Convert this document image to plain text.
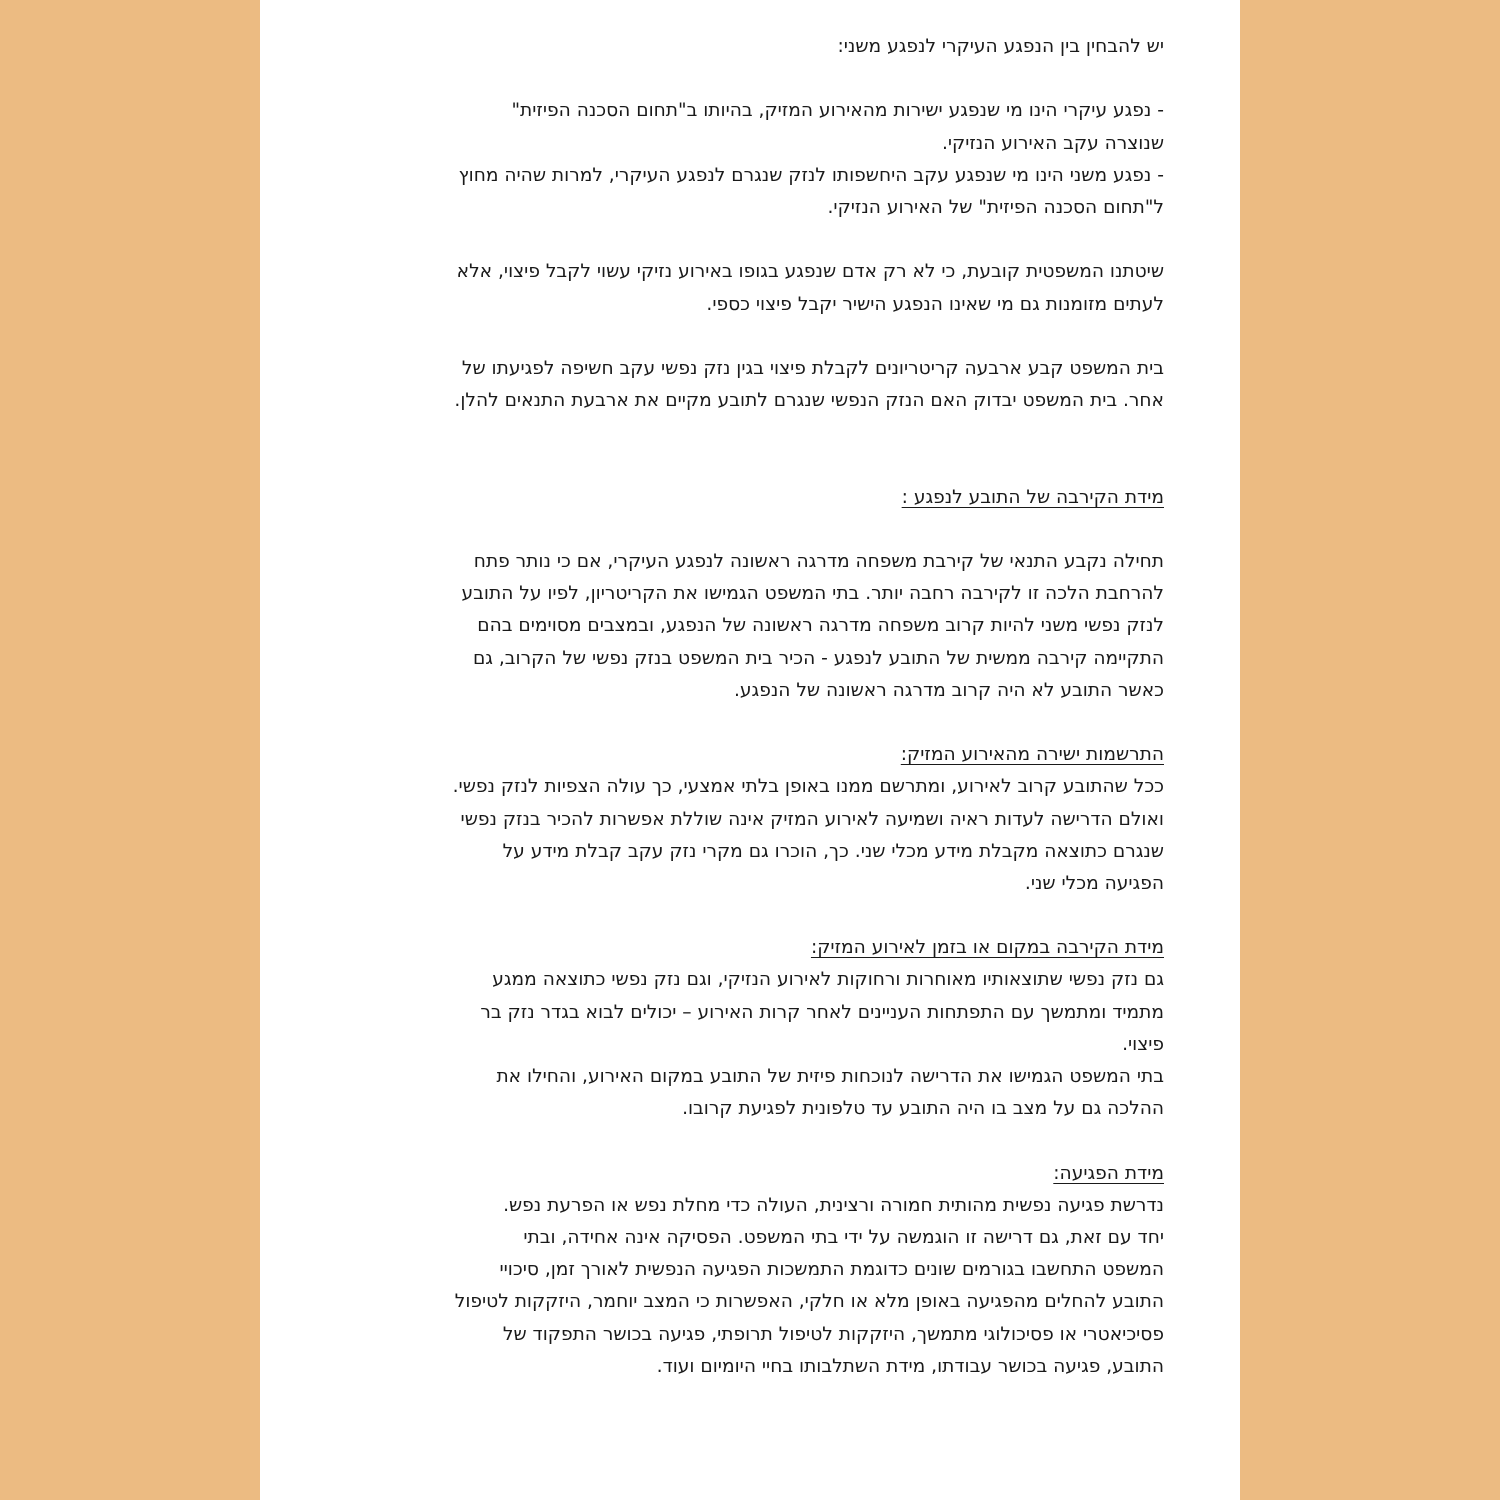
יש להבחין בין הנפגע העיקרי לנפגע משני:
- נפגע עיקרי הינו מי שנפגע ישירות מהאירוע המזיק, בהיותו ב"תחום הסכנה הפיזית"
שנוצרה עקב האירוע הנזיקי.
- נפגע משני הינו מי שנפגע עקב היחשפותו לנזק שנגרם לנפגע העיקרי, למרות שהיה מחוץ
ל"תחום הסכנה הפיזית" של האירוע הנזיקי.
שיטתנו המשפטית קובעת, כי לא רק אדם שנפגע בגופו באירוע נזיקי עשוי לקבל פיצוי, אלא
לעתים מזומנות גם מי שאינו הנפגע הישיר יקבל פיצוי כספי.
בית המשפט קבע ארבעה קריטריונים לקבלת פיצוי בגין נזק נפשי עקב חשיפה לפגיעתו של
אחר. בית המשפט יבדוק האם הנזק הנפשי שנגרם לתובע מקיים את ארבעת התנאים להלן.
מידת הקירבה של התובע לנפגע :
תחילה נקבע התנאי של קירבת משפחה מדרגה ראשונה לנפגע העיקרי, אם כי נותר פתח
להרחבת הלכה זו לקירבה רחבה יותר. בתי המשפט הגמישו את הקריטריון, לפיו על התובע
לנזק נפשי משני להיות קרוב משפחה מדרגה ראשונה של הנפגע, ובמצבים מסוימים בהם
התקיימה קירבה ממשית של התובע לנפגע - הכיר בית המשפט בנזק נפשי של הקרוב, גם
כאשר התובע לא היה קרוב מדרגה ראשונה של הנפגע.
התרשמות ישירה מהאירוע המזיק:
ככל שהתובע קרוב לאירוע, ומתרשם ממנו באופן בלתי אמצעי, כך עולה הצפיות לנזק נפשי.
ואולם הדרישה לעדות ראיה ושמיעה לאירוע המזיק אינה שוללת אפשרות להכיר בנזק נפשי
שנגרם כתוצאה מקבלת מידע מכלי שני. כך, הוכרו גם מקרי נזק עקב קבלת מידע על
הפגיעה מכלי שני.
מידת הקירבה במקום או בזמן לאירוע המזיק:
גם נזק נפשי שתוצאותיו מאוחרות ורחוקות לאירוע הנזיקי, וגם נזק נפשי כתוצאה ממגע
מתמיד ומתמשך עם התפתחות העניינים לאחר קרות האירוע – יכולים לבוא בגדר נזק בר
פיצוי.
בתי המשפט הגמישו את הדרישה לנוכחות פיזית של התובע במקום האירוע, והחילו את
ההלכה גם על מצב בו היה התובע עד טלפונית לפגיעת קרובו.
מידת הפגיעה:
נדרשת פגיעה נפשית מהותית חמורה ורצינית, העולה כדי מחלת נפש או הפרעת נפש.
יחד עם זאת, גם דרישה זו הוגמשה על ידי בתי המשפט. הפסיקה אינה אחידה, ובתי
המשפט התחשבו בגורמים שונים כדוגמת התמשכות הפגיעה הנפשית לאורך זמן, סיכויי
התובע להחלים מהפגיעה באופן מלא או חלקי, האפשרות כי המצב יוחמר, היזקקות לטיפול
פסיכיאטרי או פסיכולוגי מתמשך, היזקקות לטיפול תרופתי, פגיעה בכושר התפקוד של
התובע, פגיעה בכושר עבודתו, מידת השתלבותו בחיי היומיום ועוד.
